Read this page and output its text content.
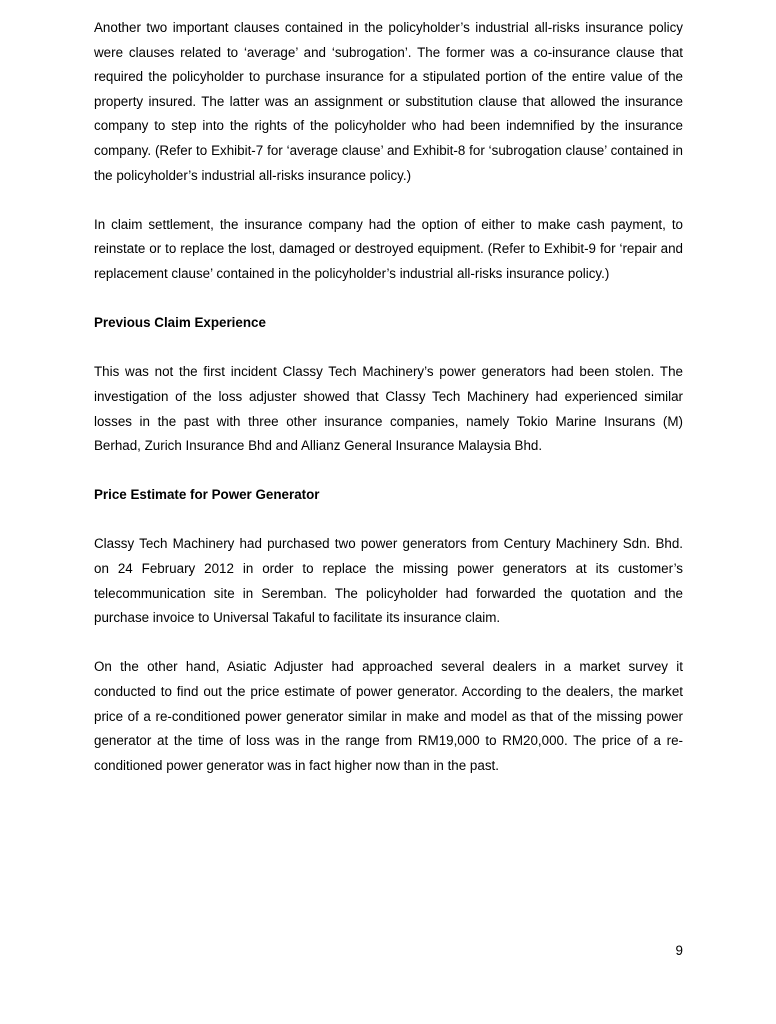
Another two important clauses contained in the policyholder’s industrial all-risks insurance policy were clauses related to ‘average’ and ‘subrogation’. The former was a co-insurance clause that required the policyholder to purchase insurance for a stipulated portion of the entire value of the property insured. The latter was an assignment or substitution clause that allowed the insurance company to step into the rights of the policyholder who had been indemnified by the insurance company. (Refer to Exhibit-7 for ‘average clause’ and Exhibit-8 for ‘subrogation clause’ contained in the policyholder’s industrial all-risks insurance policy.)

In claim settlement, the insurance company had the option of either to make cash payment, to reinstate or to replace the lost, damaged or destroyed equipment. (Refer to Exhibit-9 for ‘repair and replacement clause’ contained in the policyholder’s industrial all-risks insurance policy.)

Previous Claim Experience

This was not the first incident Classy Tech Machinery’s power generators had been stolen. The investigation of the loss adjuster showed that Classy Tech Machinery had experienced similar losses in the past with three other insurance companies, namely Tokio Marine Insurans (M) Berhad, Zurich Insurance Bhd and Allianz General Insurance Malaysia Bhd.

Price Estimate for Power Generator

Classy Tech Machinery had purchased two power generators from Century Machinery Sdn. Bhd. on 24 February 2012 in order to replace the missing power generators at its customer’s telecommunication site in Seremban. The policyholder had forwarded the quotation and the purchase invoice to Universal Takaful to facilitate its insurance claim.

On the other hand, Asiatic Adjuster had approached several dealers in a market survey it conducted to find out the price estimate of power generator. According to the dealers, the market price of a re-conditioned power generator similar in make and model as that of the missing power generator at the time of loss was in the range from RM19,000 to RM20,000. The price of a re-conditioned power generator was in fact higher now than in the past.

9
